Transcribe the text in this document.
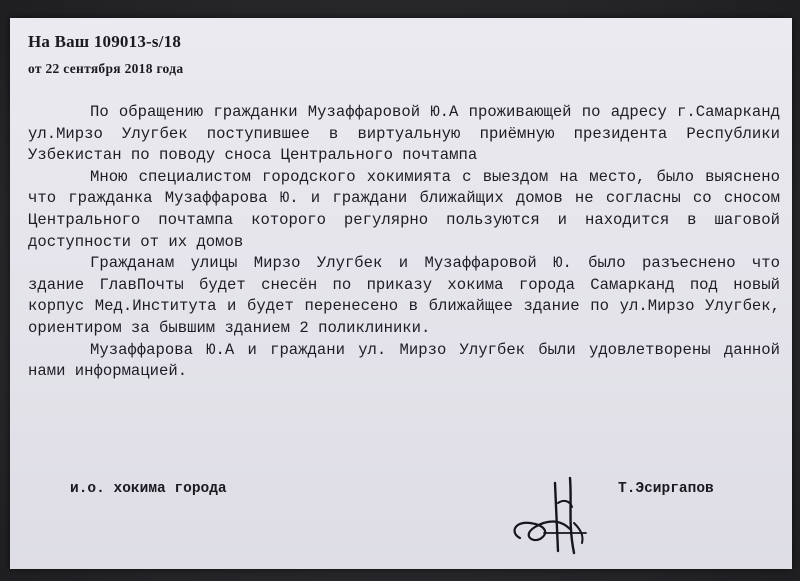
На Ваш 109013-s/18
от 22 сентября 2018 года

По обращению гражданки Музаффаровой Ю.А проживающей по адресу г.Самарканд ул.Мирзо Улугбек поступившее в виртуальную приёмную президента Республики Узбекистан по поводу сноса Центрального почтампа

Мною специалистом городского хокимията с выездом на место, было выяснено что гражданка Музаффарова Ю. и граждани ближайщих домов не согласны со сносом Центрального почтампа которого регулярно пользуются и находится в шаговой доступности от их домов

Гражданам улицы Мирзо Улугбек и Музаффаровой Ю. было разъеснено что здание ГлавПочты будет снесён по приказу хокима города Самарканд под новый корпус Мед.Института и будет перенесено в ближайщее здание по ул.Мирзо Улугбек, ориентиром за бывшим зданием 2 поликлиники.

Музаффарова Ю.А и граждани ул. Мирзо Улугбек были удовлетворены данной нами информацией.

и.о. хокима города	Т.Эсиргапов
